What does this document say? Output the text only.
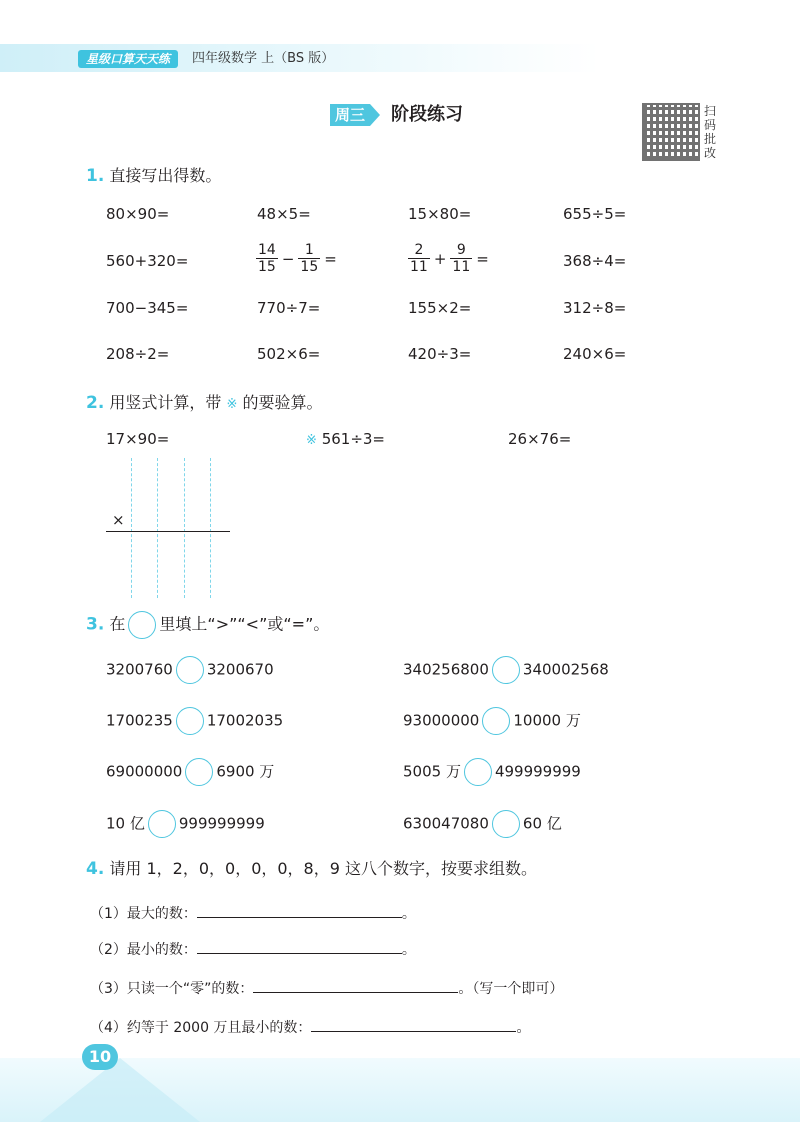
星级口算天天练	四年级数学 上（BS 版）
周三 阶段练习	扫码批改
1. 直接写出得数。
80×90=	48×5=	15×80=	655÷5=
560+320=	$\frac{14}{15} - \frac{1}{15}$ =	$\frac{2}{11} + \frac{9}{11}$ =	368÷4=
700−345=	770÷7=	155×2=	312÷8=
208÷2=	502×6=	420÷3=	240×6=
2. 用竖式计算，带 ※ 的要验算。
17×90=	※ 561÷3=	26×76=
×
3. 在 里填上“>”“<”或“=”。
3200760 3200670	340256800 340002568
1700235 17002035	93000000 10000 万
69000000 6900 万	5005 万 499999999
10 亿 999999999	630047080 60 亿
4. 请用 1，2，0，0，0，0，8，9 这八个数字，按要求组数。
（1）最大的数：	。
（2）最小的数：	。
（3）只读一个“零”的数：	。（写一个即可）
（4）约等于 2000 万且最小的数：	。
10
